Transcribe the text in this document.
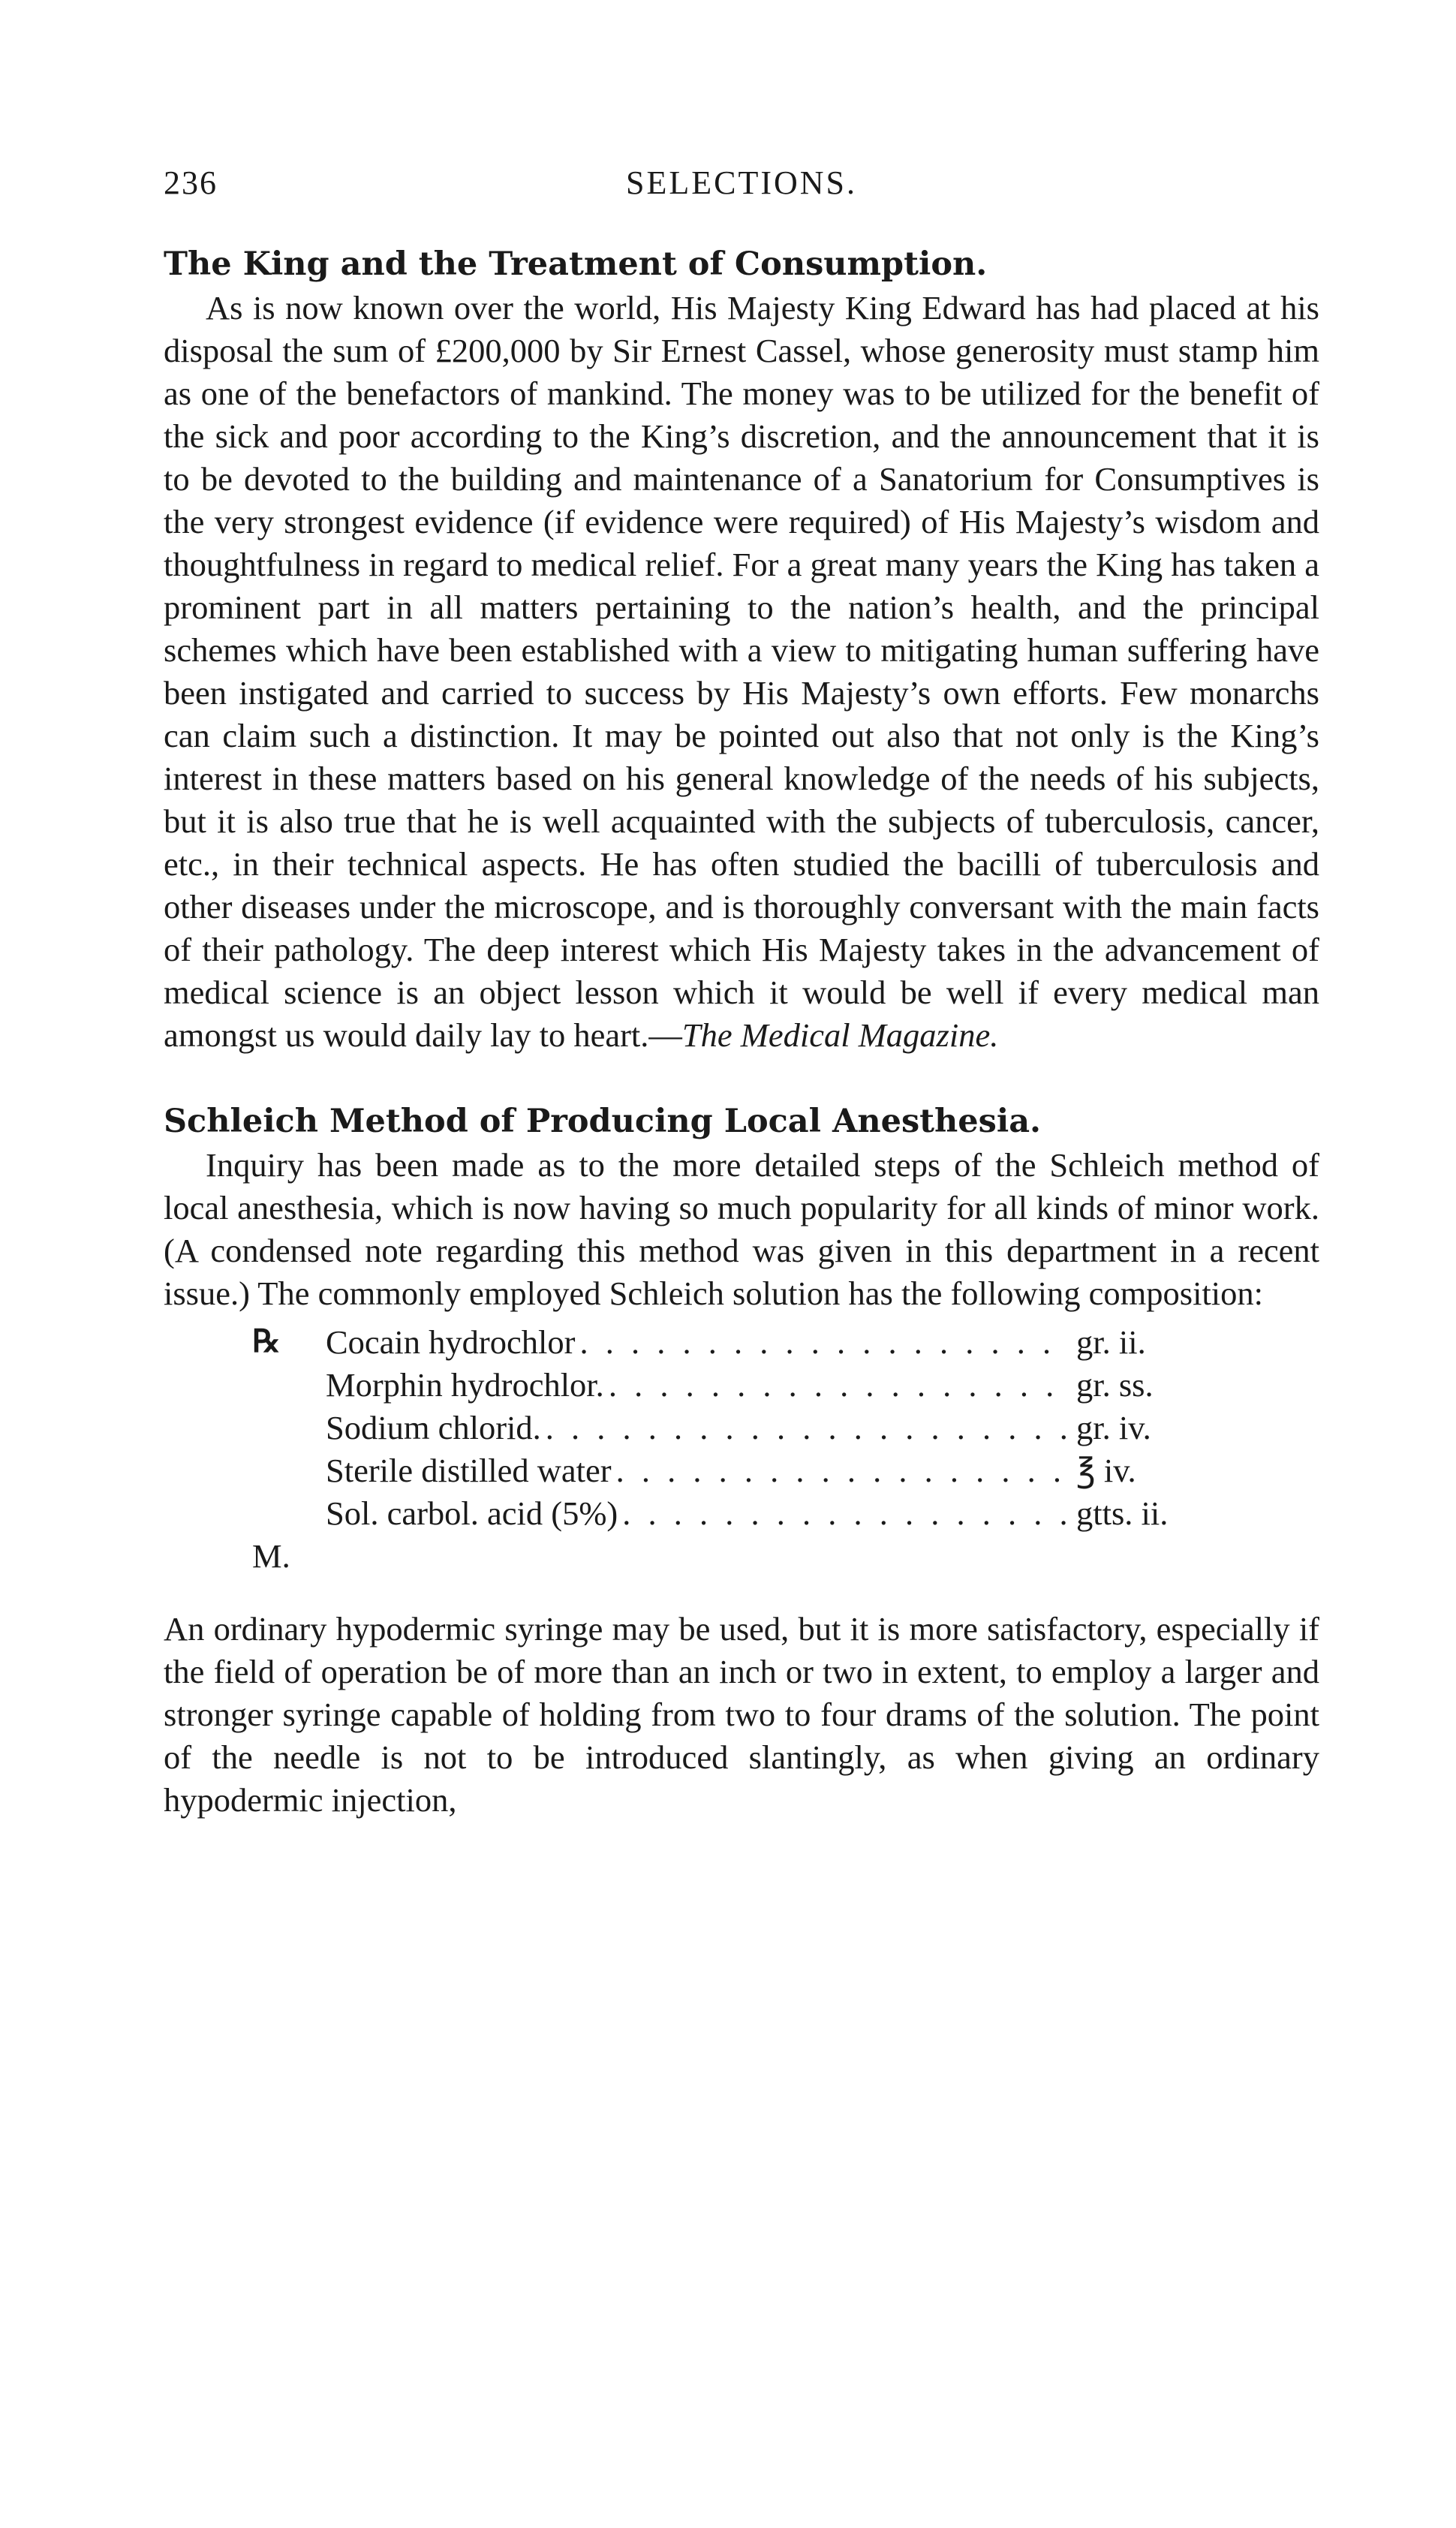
236	SELECTIONS.
The King and the Treatment of Consumption.

As is now known over the world, His Majesty King Edward has had placed at his disposal the sum of £200,000 by Sir Ernest Cassel, whose generosity must stamp him as one of the benefactors of mankind. The money was to be utilized for the benefit of the sick and poor according to the King’s discretion, and the announcement that it is to be devoted to the building and maintenance of a Sanatorium for Consumptives is the very strongest evidence (if evidence were required) of His Majesty’s wisdom and thoughtfulness in regard to medical relief. For a great many years the King has taken a prominent part in all matters pertaining to the nation’s health, and the principal schemes which have been established with a view to mitigating human suffering have been instigated and carried to success by His Majesty’s own efforts. Few monarchs can claim such a distinction. It may be pointed out also that not only is the King’s interest in these matters based on his general knowledge of the needs of his subjects, but it is also true that he is well acquainted with the subjects of tuberculosis, cancer, etc., in their technical aspects. He has often studied the bacilli of tuberculosis and other diseases under the microscope, and is thoroughly conversant with the main facts of their pathology. The deep interest which His Majesty takes in the advancement of medical science is an object lesson which it would be well if every medical man amongst us would daily lay to heart.—The Medical Magazine.

Schleich Method of Producing Local Anesthesia.

Inquiry has been made as to the more detailed steps of the Schleich method of local anesthesia, which is now having so much popularity for all kinds of minor work. (A condensed note regarding this method was given in this department in a recent issue.) The commonly employed Schleich solution has the following composition:

℞ Cocain hydrochlor . . .	gr. ii.
Morphin hydrochlor. . . .	gr. ss.
Sodium chlorid. . . .	gr. iv.
Sterile distilled water . . .	℥ iv.
Sol. carbol. acid (5%) . . .	gtts. ii.
M.

An ordinary hypodermic syringe may be used, but it is more satisfactory, especially if the field of operation be of more than an inch or two in extent, to employ a larger and stronger syringe capable of holding from two to four drams of the solution. The point of the needle is not to be introduced slantingly, as when giving an ordinary hypodermic injection,
